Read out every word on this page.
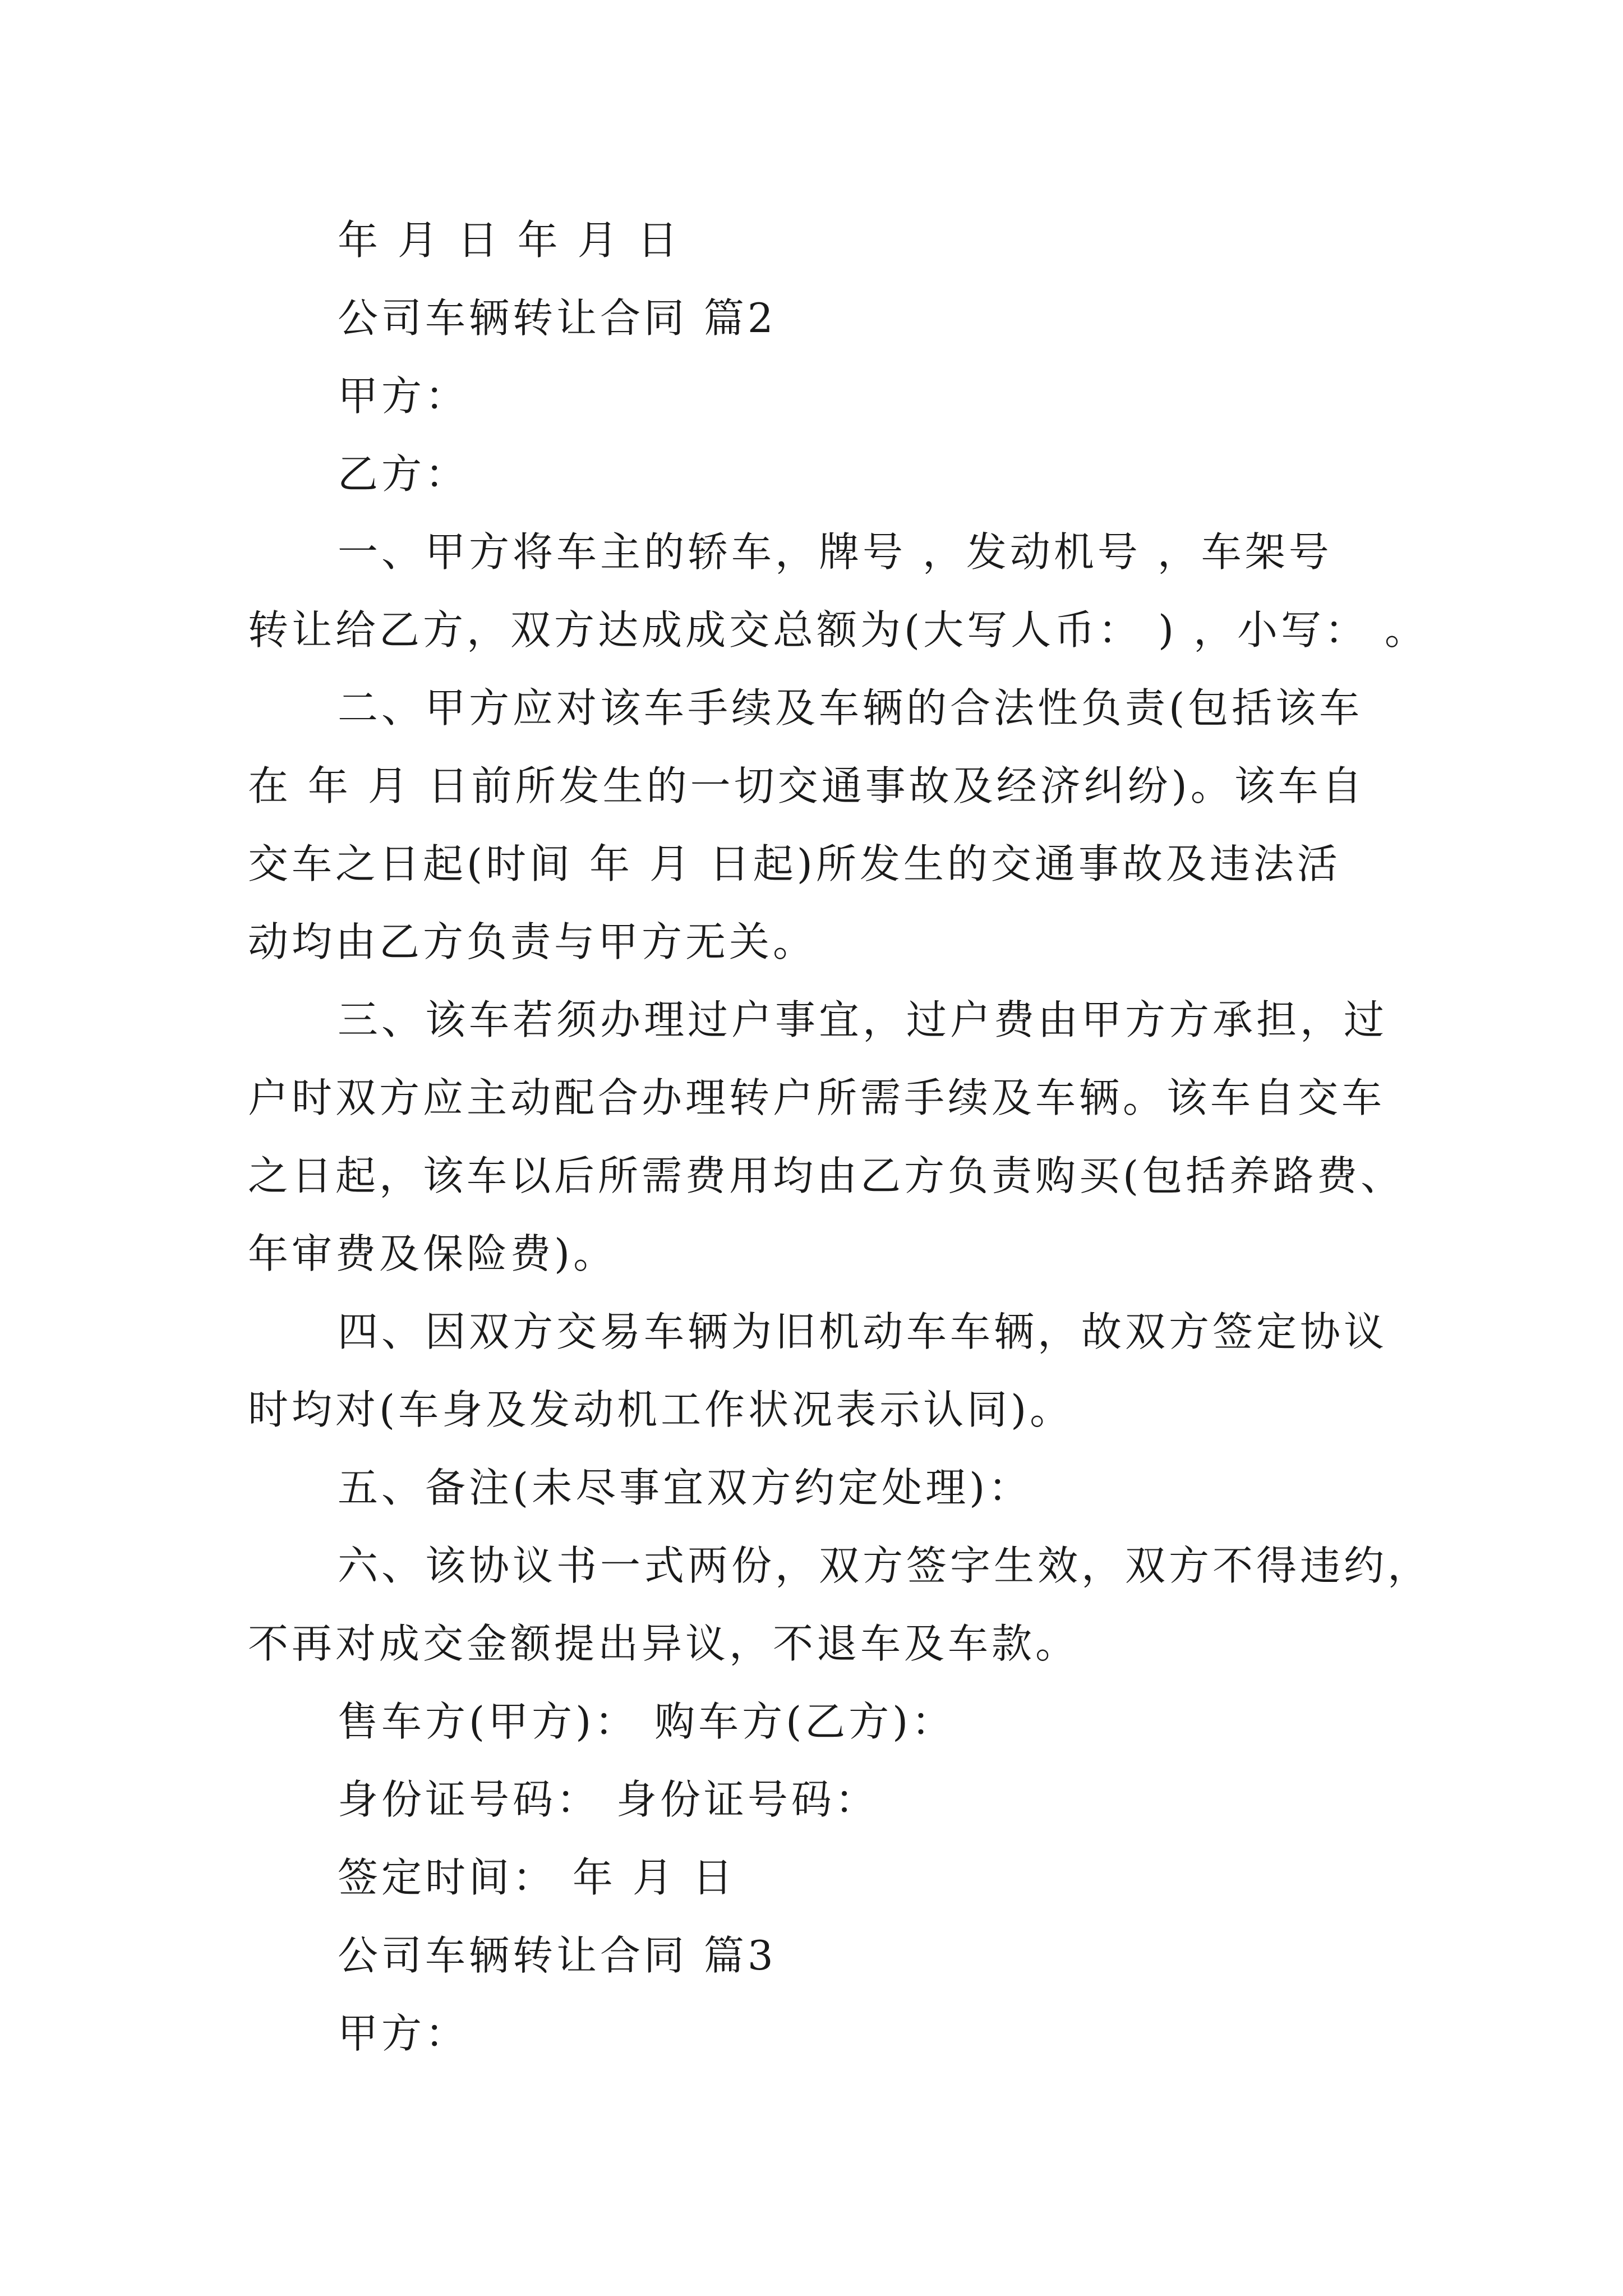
年 月 日 年 月 日
公司车辆转让合同 篇2
甲方：
乙方：
一、甲方将车主的轿车，牌号 ，发动机号 ，车架号
转让给乙方，双方达成成交总额为(大写人币： ) ，小写： 。
二、甲方应对该车手续及车辆的合法性负责(包括该车
在 年 月 日前所发生的一切交通事故及经济纠纷)。该车自
交车之日起(时间 年 月 日起)所发生的交通事故及违法活
动均由乙方负责与甲方无关。
三、该车若须办理过户事宜，过户费由甲方方承担，过
户时双方应主动配合办理转户所需手续及车辆。该车自交车
之日起，该车以后所需费用均由乙方负责购买(包括养路费、
年审费及保险费)。
四、因双方交易车辆为旧机动车车辆，故双方签定协议
时均对(车身及发动机工作状况表示认同)。
五、备注(未尽事宜双方约定处理)：
六、该协议书一式两份，双方签字生效，双方不得违约，
不再对成交金额提出异议，不退车及车款。
售车方(甲方)： 购车方(乙方)：
身份证号码： 身份证号码：
签定时间： 年 月 日
公司车辆转让合同 篇3
甲方：
